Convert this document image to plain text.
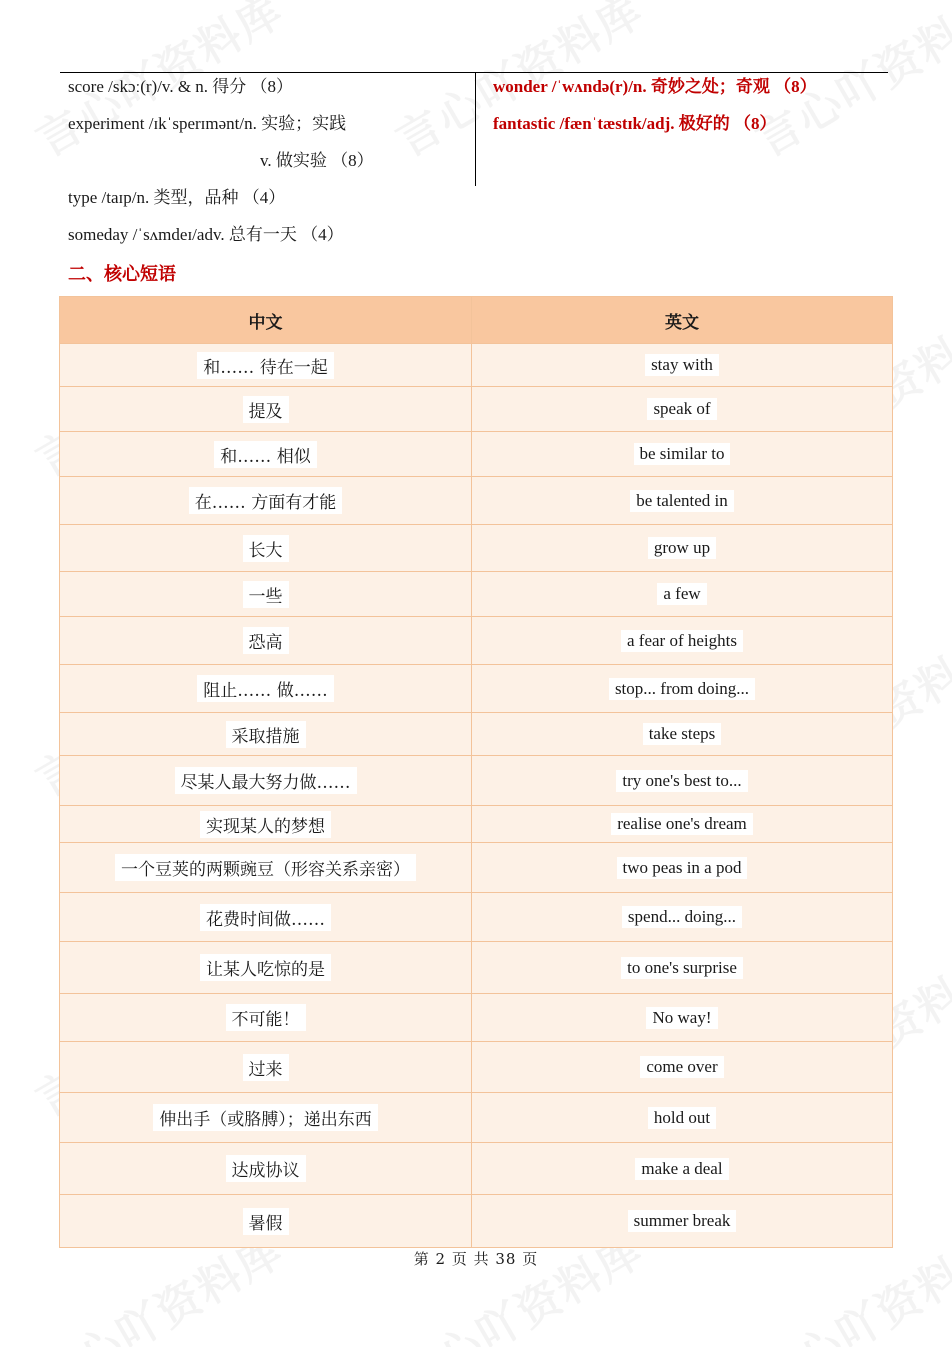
score /skɔː(r)/v. & n. 得分 （8）
experiment /ɪkˈsperɪmənt/n. 实验；实践
v. 做实验 （8）
type /taɪp/n. 类型，品种 （4）
someday /ˈsʌmdeɪ/adv. 总有一天 （4）
wonder /ˈwʌndə(r)/n. 奇妙之处；奇观 （8）
fantastic /fænˈtæstɪk/adj. 极好的 （8）
二、核心短语
中文	英文
和…… 待在一起	stay with
提及	speak of
和…… 相似	be similar to
在…… 方面有才能	be talented in
长大	grow up
一些	a few
恐高	a fear of heights
阻止…… 做……	stop... from doing...
采取措施	take steps
尽某人最大努力做……	try one's best to...
实现某人的梦想	realise one's dream
一个豆荚的两颗豌豆（形容关系亲密）	two peas in a pod
花费时间做……	spend... doing...
让某人吃惊的是	to one's surprise
不可能！	No way!
过来	come over
伸出手（或胳膊）；递出东西	hold out
达成协议	make a deal
暑假	summer break
第 2 页 共 38 页
